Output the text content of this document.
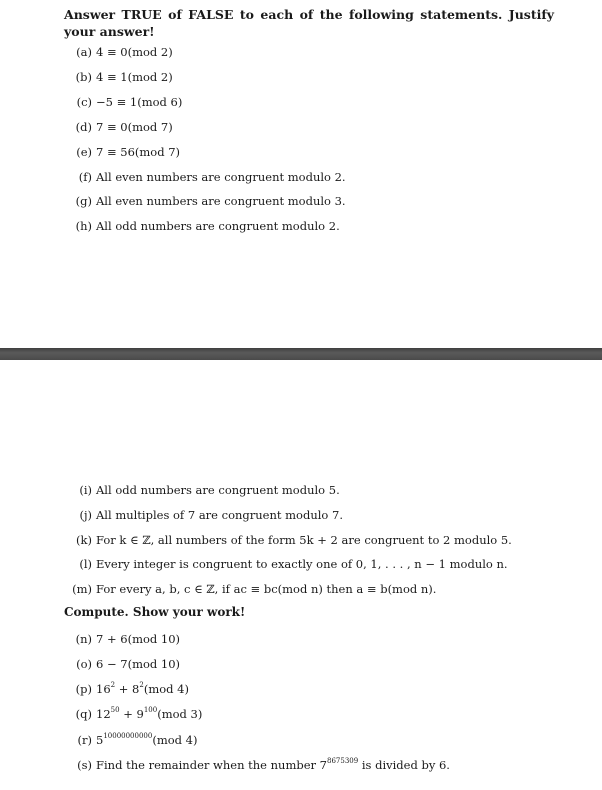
Answer TRUE of FALSE to each of the following statements. Justify your answer!
(a) 4 ≡ 0(mod 2)
(b) 4 ≡ 1(mod 2)
(c) −5 ≡ 1(mod 6)
(d) 7 ≡ 0(mod 7)
(e) 7 ≡ 56(mod 7)
(f) All even numbers are congruent modulo 2.
(g) All even numbers are congruent modulo 3.
(h) All odd numbers are congruent modulo 2.
(i) All odd numbers are congruent modulo 5.
(j) All multiples of 7 are congruent modulo 7.
(k) For k ∈ ℤ, all numbers of the form 5k + 2 are congruent to 2 modulo 5.
(l) Every integer is congruent to exactly one of 0, 1, . . . , n − 1 modulo n.
(m) For every a, b, c ∈ ℤ, if ac ≡ bc(mod n) then a ≡ b(mod n).
Compute. Show your work!
(n) 7 + 6(mod 10)
(o) 6 − 7(mod 10)
(p) $16^2 + 8^2(mod$ 4)
(q) $12^{50} + 9^{100}(mod$ 3)
(r) $5^{10000000000}(mod$ 4)
(s) Find the remainder when the number $7^{8675309}$ is divided by 6.
